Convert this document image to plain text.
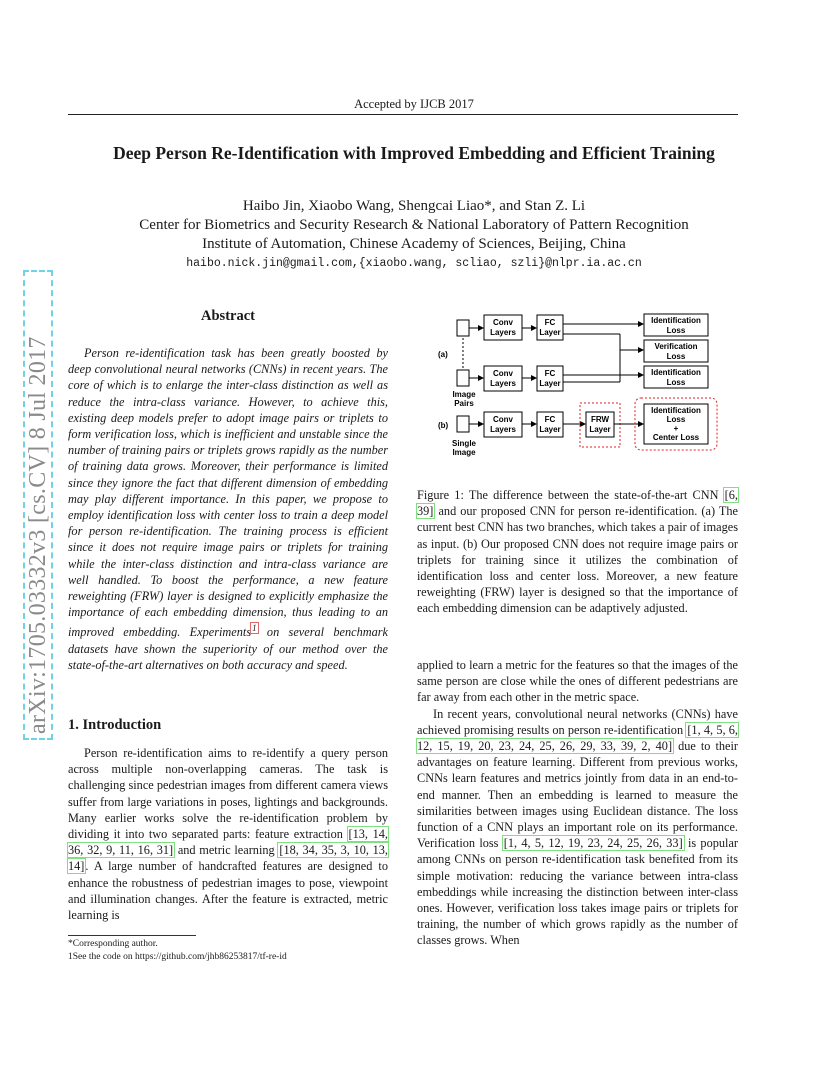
Accepted by IJCB 2017
Deep Person Re-Identification with Improved Embedding and Efficient Training
Haibo Jin, Xiaobo Wang, Shengcai Liao*, and Stan Z. Li
Center for Biometrics and Security Research & National Laboratory of Pattern Recognition
Institute of Automation, Chinese Academy of Sciences, Beijing, China
haibo.nick.jin@gmail.com,{xiaobo.wang, scliao, szli}@nlpr.ia.ac.cn
arXiv:1705.03332v3 [cs.CV] 8 Jul 2017
Abstract
Person re-identification task has been greatly boosted by deep convolutional neural networks (CNNs) in recent years. The core of which is to enlarge the inter-class distinction as well as reduce the intra-class variance. However, to achieve this, existing deep models prefer to adopt image pairs or triplets to form verification loss, which is inefficient and unstable since the number of training pairs or triplets grows rapidly as the number of training data grows. Moreover, their performance is limited since they ignore the fact that different dimension of embedding may play different importance. In this paper, we propose to employ identification loss with center loss to train a deep model for person re-identification. The training process is efficient since it does not require image pairs or triplets for training while the inter-class distinction and intra-class variance are well handled. To boost the performance, a new feature reweighting (FRW) layer is designed to explicitly emphasize the importance of each embedding dimension, thus leading to an improved embedding. Experiments$^1$ on several benchmark datasets have shown the superiority of our method over the state-of-the-art alternatives on both accuracy and speed.
1. Introduction
Person re-identification aims to re-identify a query person across multiple non-overlapping cameras. The task is challenging since pedestrian images from different camera views suffer from large variations in poses, lightings and backgrounds. Many earlier works solve the re-identification problem by dividing it into two separated parts: feature extraction [13, 14, 36, 32, 9, 11, 16, 31] and metric learning [18, 34, 35, 3, 10, 13, 14]. A large number of handcrafted features are designed to enhance the robustness of pedestrian images to pose, viewpoint and illumination changes. After the feature is extracted, metric learning is
*Corresponding author.
1See the code on https://github.com/jhb86253817/tf-re-id
Conv
Layers
FC
Layer
Identification
Loss
Verification
Loss
(a)
Conv
Layers
FC
Layer
Identification
Loss
Image
Pairs
(b)
Conv
Layers
FC
Layer
FRW
Layer
Identification
Loss
+
Center Loss
Single
Image
Figure 1: The difference between the state-of-the-art CNN [6, 39] and our proposed CNN for person re-identification. (a) The current best CNN has two branches, which takes a pair of images as input. (b) Our proposed CNN does not require image pairs or triplets for training since it utilizes the combination of identification loss and center loss. Moreover, a new feature reweighting (FRW) layer is designed so that the importance of each embedding dimension can be adaptively adjusted.

applied to learn a metric for the features so that the images of the same person are close while the ones of different pedestrians are far away from each other in the metric space.

In recent years, convolutional neural networks (CNNs) have achieved promising results on person re-identification [1, 4, 5, 6, 12, 15, 19, 20, 23, 24, 25, 26, 29, 33, 39, 2, 40] due to their advantages on feature learning. Different from previous works, CNNs learn features and metrics jointly from data in an end-to-end manner. Then an embedding is learned to measure the similarities between images using Euclidean distance. The loss function of a CNN plays an important role on its performance. Verification loss [1, 4, 5, 12, 19, 23, 24, 25, 26, 33] is popular among CNNs on person re-identification task benefited from its simple motivation: reducing the variance between intra-class embeddings while increasing the distinction between inter-class ones. However, verification loss takes image pairs or triplets for training, the number of which grows rapidly as the number of classes grows. When
